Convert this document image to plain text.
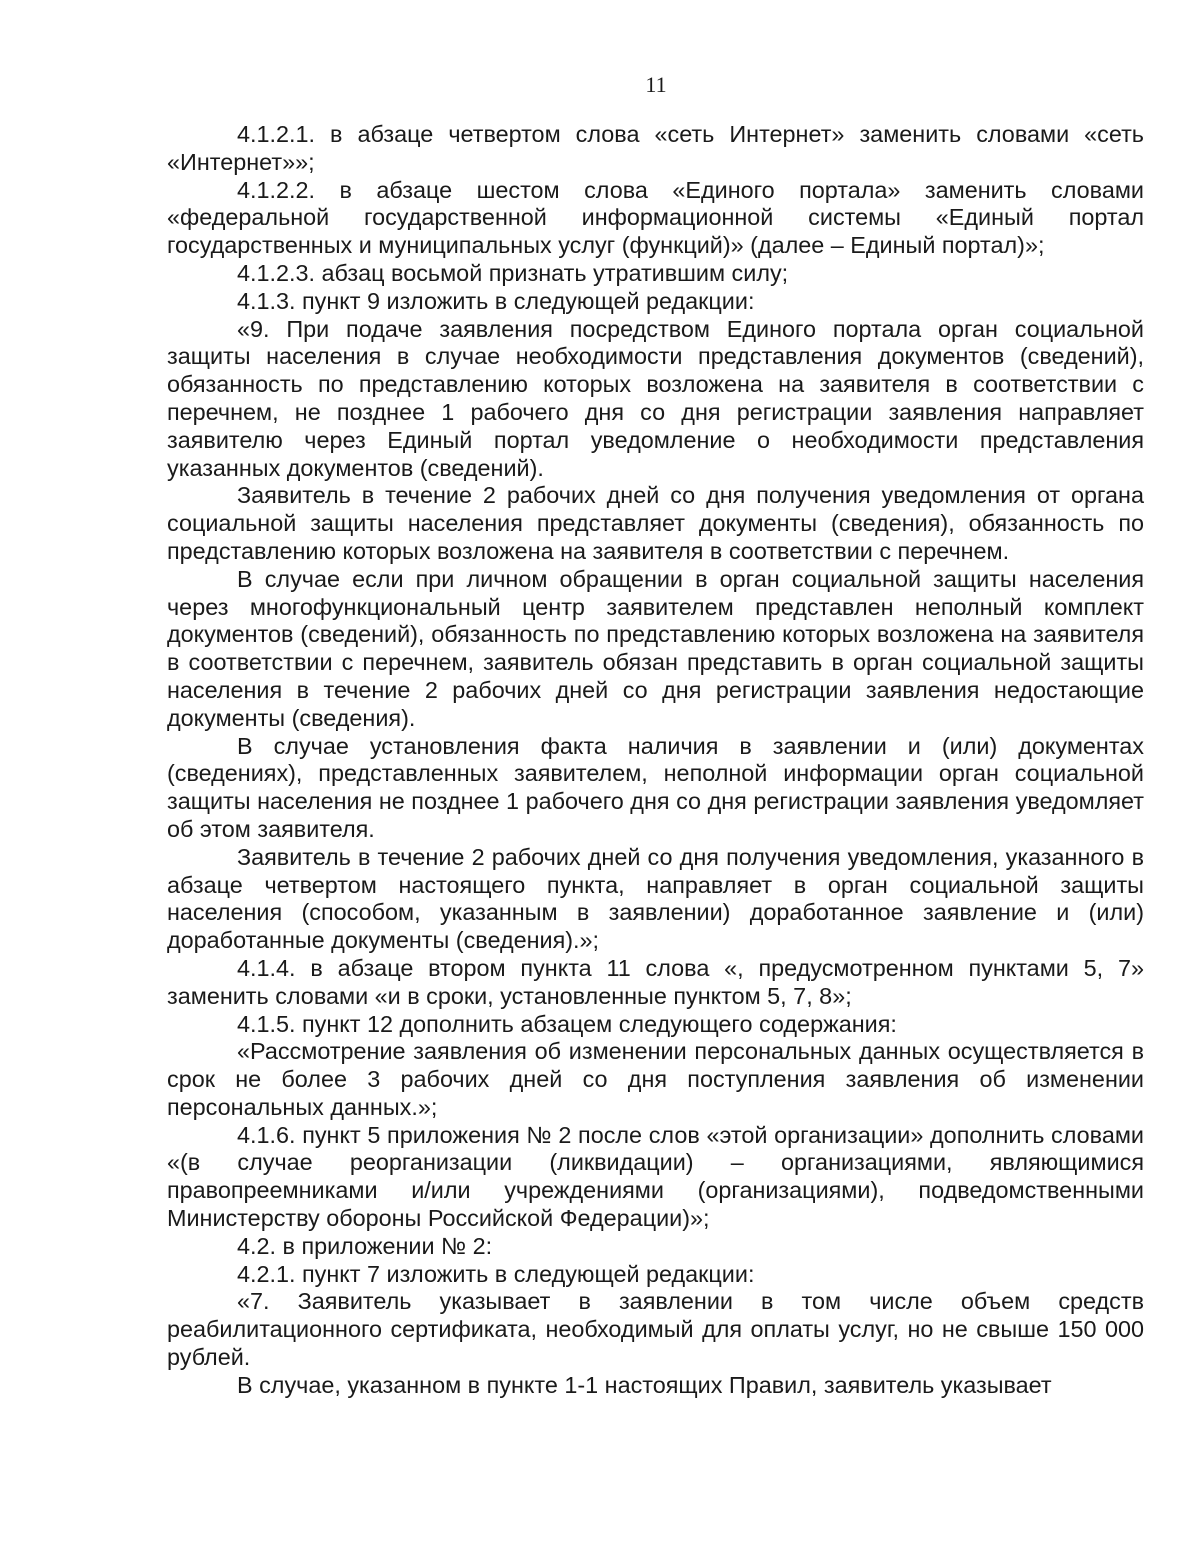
11

4.1.2.1. в абзаце четвертом слова «сеть Интернет» заменить словами «сеть «Интернет»»;

4.1.2.2. в абзаце шестом слова «Единого портала» заменить словами «федеральной государственной информационной системы «Единый портал государственных и муниципальных услуг (функций)» (далее – Единый портал)»;

4.1.2.3. абзац восьмой признать утратившим силу;

4.1.3. пункт 9 изложить в следующей редакции:

«9. При подаче заявления посредством Единого портала орган социальной защиты населения в случае необходимости представления документов (сведений), обязанность по представлению которых возложена на заявителя в соответствии с перечнем, не позднее 1 рабочего дня со дня регистрации заявления направляет заявителю через Единый портал уведомление о необходимости представления указанных документов (сведений).

Заявитель в течение 2 рабочих дней со дня получения уведомления от органа социальной защиты населения представляет документы (сведения), обязанность по представлению которых возложена на заявителя в соответствии с перечнем.

В случае если при личном обращении в орган социальной защиты населения через многофункциональный центр заявителем представлен неполный комплект документов (сведений), обязанность по представлению которых возложена на заявителя в соответствии с перечнем, заявитель обязан представить в орган социальной защиты населения в течение 2 рабочих дней со дня регистрации заявления недостающие документы (сведения).

В случае установления факта наличия в заявлении и (или) документах (сведениях), представленных заявителем, неполной информации орган социальной защиты населения не позднее 1 рабочего дня со дня регистрации заявления уведомляет об этом заявителя.

Заявитель в течение 2 рабочих дней со дня получения уведомления, указанного в абзаце четвертом настоящего пункта, направляет в орган социальной защиты населения (способом, указанным в заявлении) доработанное заявление и (или) доработанные документы (сведения).»;

4.1.4. в абзаце втором пункта 11 слова «, предусмотренном пунктами 5, 7» заменить словами «и в сроки, установленные пунктом 5, 7, 8»;

4.1.5. пункт 12 дополнить абзацем следующего содержания:

«Рассмотрение заявления об изменении персональных данных осуществляется в срок не более 3 рабочих дней со дня поступления заявления об изменении персональных данных.»;

4.1.6. пункт 5 приложения № 2 после слов «этой организации» дополнить словами «(в случае реорганизации (ликвидации) – организациями, являющимися правопреемниками и/или учреждениями (организациями), подведомственными Министерству обороны Российской Федерации)»;

4.2. в приложении № 2:

4.2.1. пункт 7 изложить в следующей редакции:

«7. Заявитель указывает в заявлении в том числе объем средств реабилитационного сертификата, необходимый для оплаты услуг, но не свыше 150 000 рублей.

В случае, указанном в пункте 1-1 настоящих Правил, заявитель указывает
